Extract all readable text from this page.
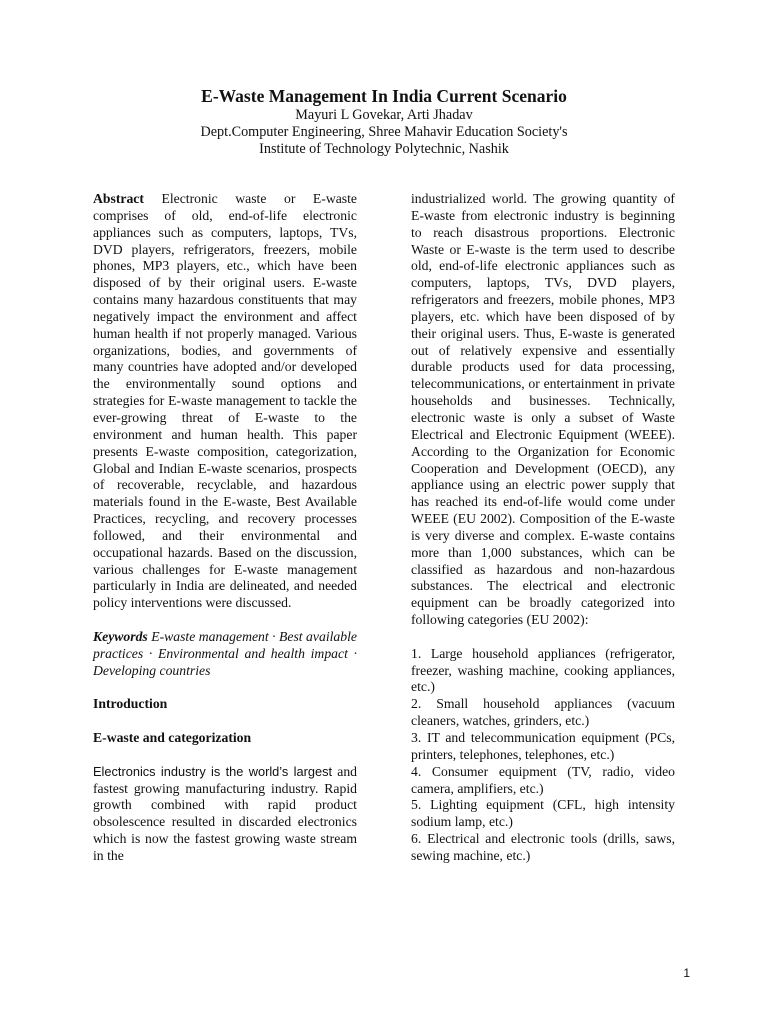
E-Waste Management In India Current Scenario

Mayuri L Govekar, Arti Jhadav

Dept.Computer Engineering, Shree Mahavir Education Society's

Institute of Technology Polytechnic, Nashik

Abstract Electronic waste or E-waste comprises of old, end-of-life electronic appliances such as computers, laptops, TVs, DVD players, refrigerators, freezers, mobile phones, MP3 players, etc., which have been disposed of by their original users. E-waste contains many hazardous constituents that may negatively impact the environment and affect human health if not properly managed. Various organizations, bodies, and governments of many countries have adopted and/or developed the environmentally sound options and strategies for E-waste management to tackle the ever-growing threat of E-waste to the environment and human health. This paper presents E-waste composition, categorization, Global and Indian E-waste scenarios, prospects of recoverable, recyclable, and hazardous materials found in the E-waste, Best Available Practices, recycling, and recovery processes followed, and their environmental and occupational hazards. Based on the discussion, various challenges for E-waste management particularly in India are delineated, and needed policy interventions were discussed.

Keywords E-waste management · Best available practices · Environmental and health impact · Developing countries

Introduction

E-waste and categorization

Electronics industry is the world’s largest and fastest growing manufacturing industry. Rapid growth combined with rapid product obsolescence resulted in discarded electronics which is now the fastest growing waste stream in the

industrialized world. The growing quantity of E-waste from electronic industry is beginning to reach disastrous proportions. Electronic Waste or E-waste is the term used to describe old, end-of-life electronic appliances such as computers, laptops, TVs, DVD players, refrigerators and freezers, mobile phones, MP3 players, etc. which have been disposed of by their original users. Thus, E-waste is generated out of relatively expensive and essentially durable products used for data processing, telecommunications, or entertainment in private households and businesses. Technically, electronic waste is only a subset of Waste Electrical and Electronic Equipment (WEEE). According to the Organization for Economic Cooperation and Development (OECD), any appliance using an electric power supply that has reached its end-of-life would come under WEEE (EU 2002). Composition of the E-waste is very diverse and complex. E-waste contains more than 1,000 substances, which can be classified as hazardous and non-hazardous substances. The electrical and electronic equipment can be broadly categorized into following categories (EU 2002):

1. Large household appliances (refrigerator, freezer, washing machine, cooking appliances, etc.)

2. Small household appliances (vacuum cleaners, watches, grinders, etc.)

3. IT and telecommunication equipment (PCs, printers, telephones, telephones, etc.)

4. Consumer equipment (TV, radio, video camera, amplifiers, etc.)

5. Lighting equipment (CFL, high intensity sodium lamp, etc.)

6. Electrical and electronic tools (drills, saws, sewing machine, etc.)

1
